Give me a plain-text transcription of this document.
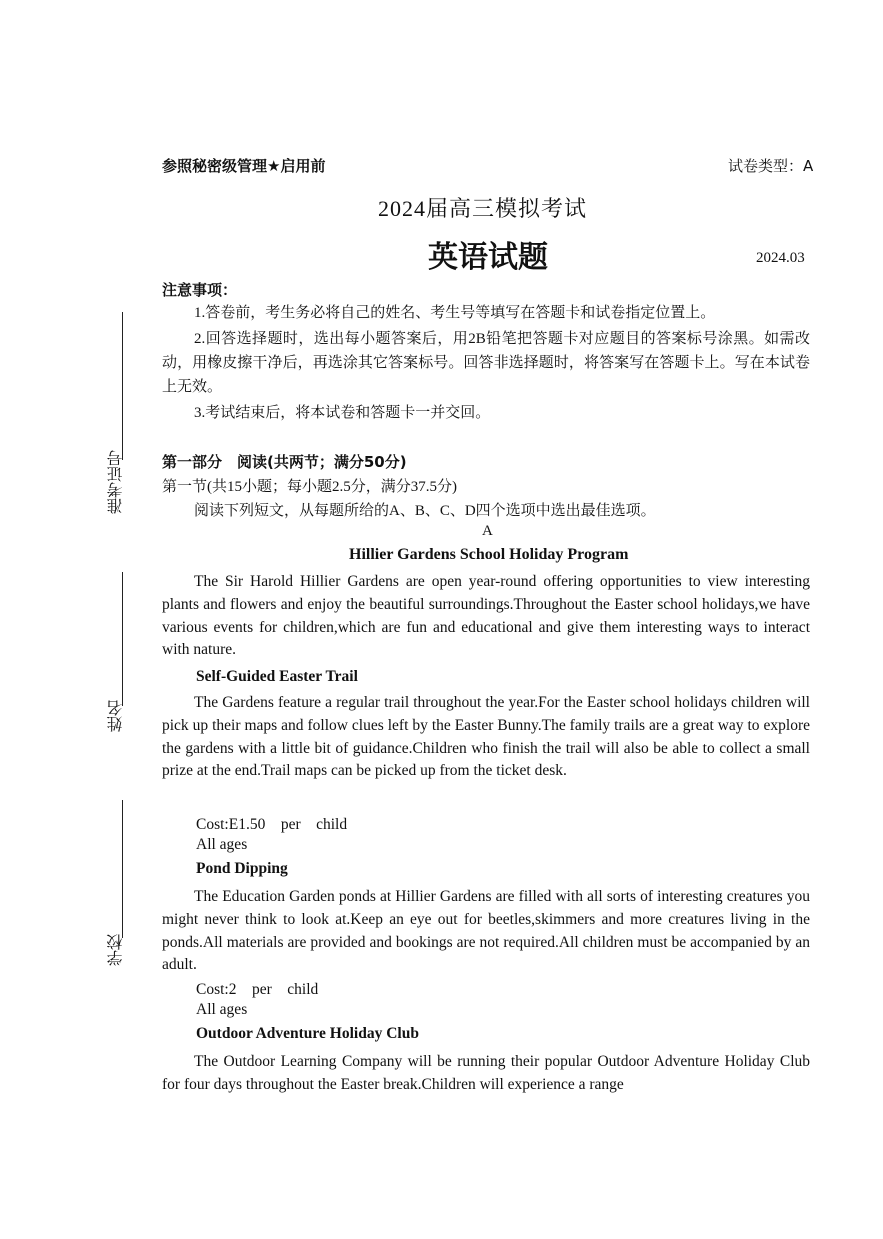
参照秘密级管理★启用前	试卷类型：A
2024届高三模拟考试
英语试题	2024.03
准考证号
姓名
学校
注意事项：
1.答卷前，考生务必将自己的姓名、考生号等填写在答题卡和试卷指定位置上。
2.回答选择题时，选出每小题答案后，用2B铅笔把答题卡对应题目的答案标号涂黑。如需改动，用橡皮擦干净后，再选涂其它答案标号。回答非选择题时，将答案写在答题卡上。写在本试卷上无效。
3.考试结束后，将本试卷和答题卡一并交回。
第一部分　阅读(共两节；满分50分)
第一节(共15小题；每小题2.5分，满分37.5分)
阅读下列短文，从每题所给的A、B、C、D四个选项中选出最佳选项。
A
Hillier Gardens School Holiday Program
The Sir Harold Hillier Gardens are open year-round offering opportunities to view interesting plants and flowers and enjoy the beautiful surroundings.Throughout the Easter school holidays,we have various events for children,which are fun and educational and give them interesting ways to interact with nature.
Self-Guided Easter Trail
The Gardens feature a regular trail throughout the year.For the Easter school holidays children will pick up their maps and follow clues left by the Easter Bunny.The family trails are a great way to explore the gardens with a little bit of guidance.Children who finish the trail will also be able to collect a small prize at the end.Trail maps can be picked up from the ticket desk.
Cost:E1.50　per　child
All ages
Pond Dipping
The Education Garden ponds at Hillier Gardens are filled with all sorts of interesting creatures you might never think to look at.Keep an eye out for beetles,skimmers and more creatures living in the ponds.All materials are provided and bookings are not required.All children must be accompanied by an adult.
Cost:2　per　child
All ages
Outdoor Adventure Holiday Club
The Outdoor Learning Company will be running their popular Outdoor Adventure Holiday Club for four days throughout the Easter break.Children will experience a range
